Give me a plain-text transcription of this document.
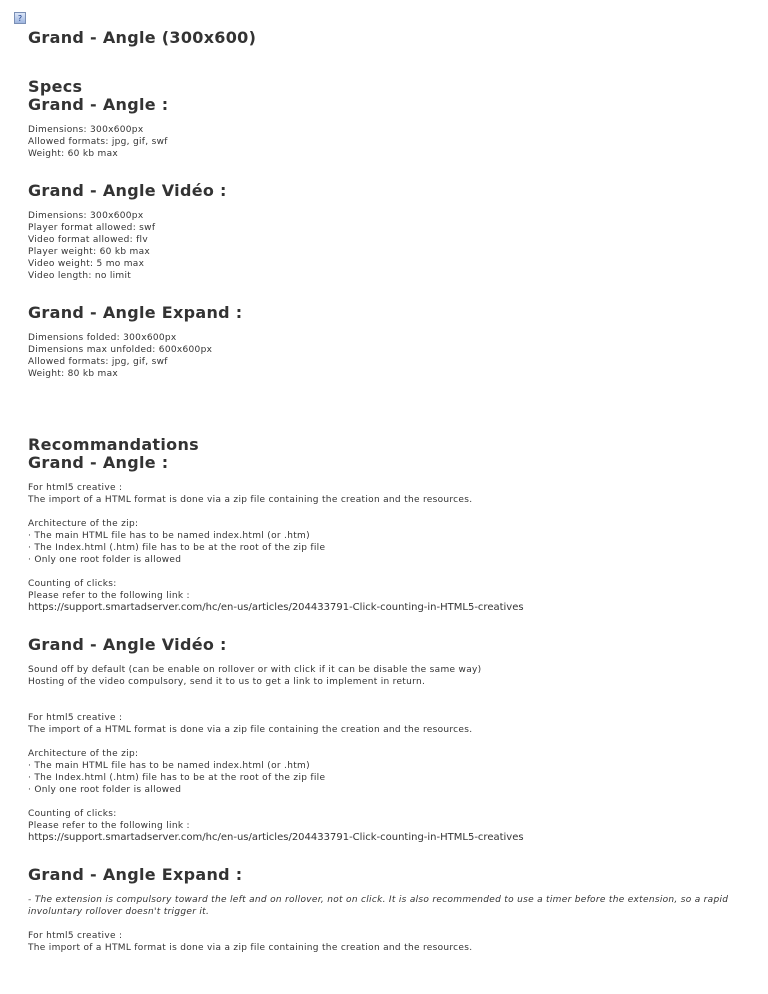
?
Grand - Angle (300x600)
Specs
Grand - Angle :

Dimensions: 300x600px
Allowed formats: jpg, gif, swf
Weight: 60 kb max

Grand - Angle Vidéo :

Dimensions: 300x600px
Player format allowed: swf
Video format allowed: flv
Player weight: 60 kb max
Video weight: 5 mo max
Video length: no limit

Grand - Angle Expand :

Dimensions folded: 300x600px
Dimensions max unfolded: 600x600px
Allowed formats: jpg, gif, swf
Weight: 80 kb max

Recommandations
Grand - Angle :

For html5 creative :
The import of a HTML format is done via a zip file containing the creation and the resources.

Architecture of the zip:
· The main HTML file has to be named index.html (or .htm)
· The Index.html (.htm) file has to be at the root of the zip file
· Only one root folder is allowed

Counting of clicks:
Please refer to the following link :
https://support.smartadserver.com/hc/en-us/articles/204433791-Click-counting-in-HTML5-creatives

Grand - Angle Vidéo :

Sound off by default (can be enable on rollover or with click if it can be disable the same way)
Hosting of the video compulsory, send it to us to get a link to implement in return.

For html5 creative :
The import of a HTML format is done via a zip file containing the creation and the resources.

Architecture of the zip:
· The main HTML file has to be named index.html (or .htm)
· The Index.html (.htm) file has to be at the root of the zip file
· Only one root folder is allowed

Counting of clicks:
Please refer to the following link :
https://support.smartadserver.com/hc/en-us/articles/204433791-Click-counting-in-HTML5-creatives

Grand - Angle Expand :

- The extension is compulsory toward the left and on rollover, not on click. It is also recommended to use a timer before the extension, so a rapid
involuntary rollover doesn't trigger it.

For html5 creative :
The import of a HTML format is done via a zip file containing the creation and the resources.
